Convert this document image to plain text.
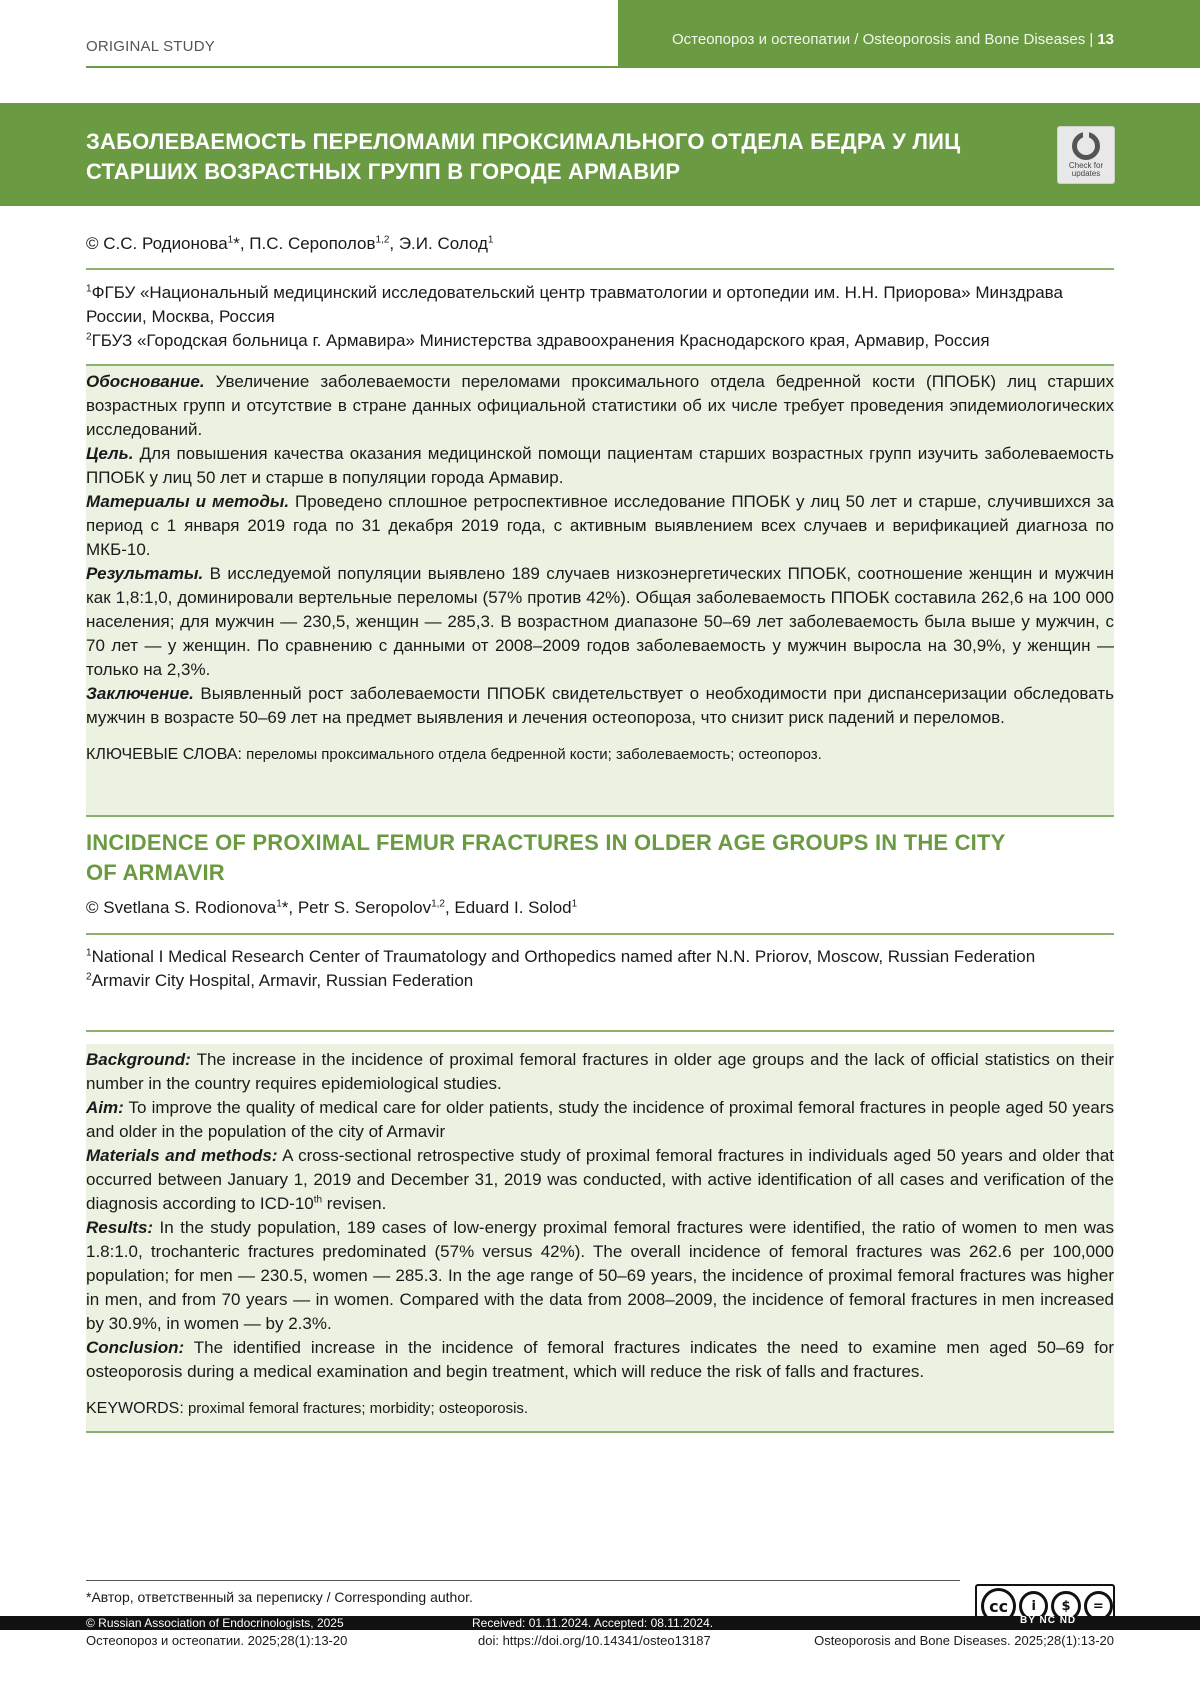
ORIGINAL STUDY	Остеопороз и остеопатии / Osteoporosis and Bone Diseases | 13
ЗАБОЛЕВАЕМОСТЬ ПЕРЕЛОМАМИ ПРОКСИМАЛЬНОГО ОТДЕЛА БЕДРА У ЛИЦ СТАРШИХ ВОЗРАСТНЫХ ГРУПП В ГОРОДЕ АРМАВИР	Check for
updates
© С.С. Родионова$^1$*, П.С. Серополов$^{1,2}$, Э.И. Солод$^1$
$^1$ФГБУ «Национальный медицинский исследовательский центр травматологии и ортопедии им. Н.Н. Приорова» Минздрава России, Москва, Россия
$^2$ГБУЗ «Городская больница г. Армавира» Министерства здравоохранения Краснодарского края, Армавир, Россия

Обоснование. Увеличение заболеваемости переломами проксимального отдела бедренной кости (ППОБК) лиц старших возрастных групп и отсутствие в стране данных официальной статистики об их числе требует проведения эпидемиологических исследований.

Цель. Для повышения качества оказания медицинской помощи пациентам старших возрастных групп изучить заболеваемость ППОБК у лиц 50 лет и старше в популяции города Армавир.

Материалы и методы. Проведено сплошное ретроспективное исследование ППОБК у лиц 50 лет и старше, случившихся за период с 1 января 2019 года по 31 декабря 2019 года, с активным выявлением всех случаев и верификацией диагноза по МКБ-10.

Результаты. В исследуемой популяции выявлено 189 случаев низкоэнергетических ППОБК, соотношение женщин и мужчин как 1,8:1,0, доминировали вертельные переломы (57% против 42%). Общая заболеваемость ППОБК составила 262,6 на 100 000 населения; для мужчин — 230,5, женщин — 285,3. В возрастном диапазоне 50–69 лет заболеваемость была выше у мужчин, с 70 лет — у женщин. По сравнению с данными от 2008–2009 годов заболеваемость у мужчин выросла на 30,9%, у женщин — только на 2,3%.

Заключение. Выявленный рост заболеваемости ППОБК свидетельствует о необходимости при диспансеризации обследовать мужчин в возрасте 50–69 лет на предмет выявления и лечения остеопороза, что снизит риск падений и переломов.

КЛЮЧЕВЫЕ СЛОВА: переломы проксимального отдела бедренной кости; заболеваемость; остеопороз.
INCIDENCE OF PROXIMAL FEMUR FRACTURES IN OLDER AGE GROUPS IN THE CITY OF ARMAVIR
© Svetlana S. Rodionova$^1$*, Petr S. Seropolov$^{1,2}$, Eduard I. Solod$^1$
$^1$National I Medical Research Center of Traumatology and Orthopedics named after N.N. Priorov, Moscow, Russian Federation
$^2$Armavir City Hospital, Armavir, Russian Federation

Background: The increase in the incidence of proximal femoral fractures in older age groups and the lack of official statistics on their number in the country requires epidemiological studies.

Aim: To improve the quality of medical care for older patients, study the incidence of proximal femoral fractures in people aged 50 years and older in the population of the city of Armavir

Materials and methods: A cross-sectional retrospective study of proximal femoral fractures in individuals aged 50 years and older that occurred between January 1, 2019 and December 31, 2019 was conducted, with active identification of all cases and verification of the diagnosis according to ICD-10th revisen.

Results: In the study population, 189 cases of low-energy proximal femoral fractures were identified, the ratio of women to men was 1.8:1.0, trochanteric fractures predominated (57% versus 42%). The overall incidence of femoral fractures was 262.6 per 100,000 population; for men — 230.5, women — 285.3. In the age range of 50–69 years, the incidence of proximal femoral fractures was higher in men, and from 70 years — in women. Compared with the data from 2008–2009, the incidence of femoral fractures in men increased by 30.9%, in women — by 2.3%.

Conclusion: The identified increase in the incidence of femoral fractures indicates the need to examine men aged 50–69 for osteoporosis during a medical examination and begin treatment, which will reduce the risk of falls and fractures.

KEYWORDS: proximal femoral fractures; morbidity; osteoporosis.
*Автор, ответственный за переписку / Corresponding author.	cc	i	$	=
© Russian Association of Endocrinologists, 2025	Received: 01.11.2024. Accepted: 08.11.2024.	BY NC ND
Остеопороз и остеопатии. 2025;28(1):13-20	doi: https://doi.org/10.14341/osteo13187	Osteoporosis and Bone Diseases. 2025;28(1):13-20
